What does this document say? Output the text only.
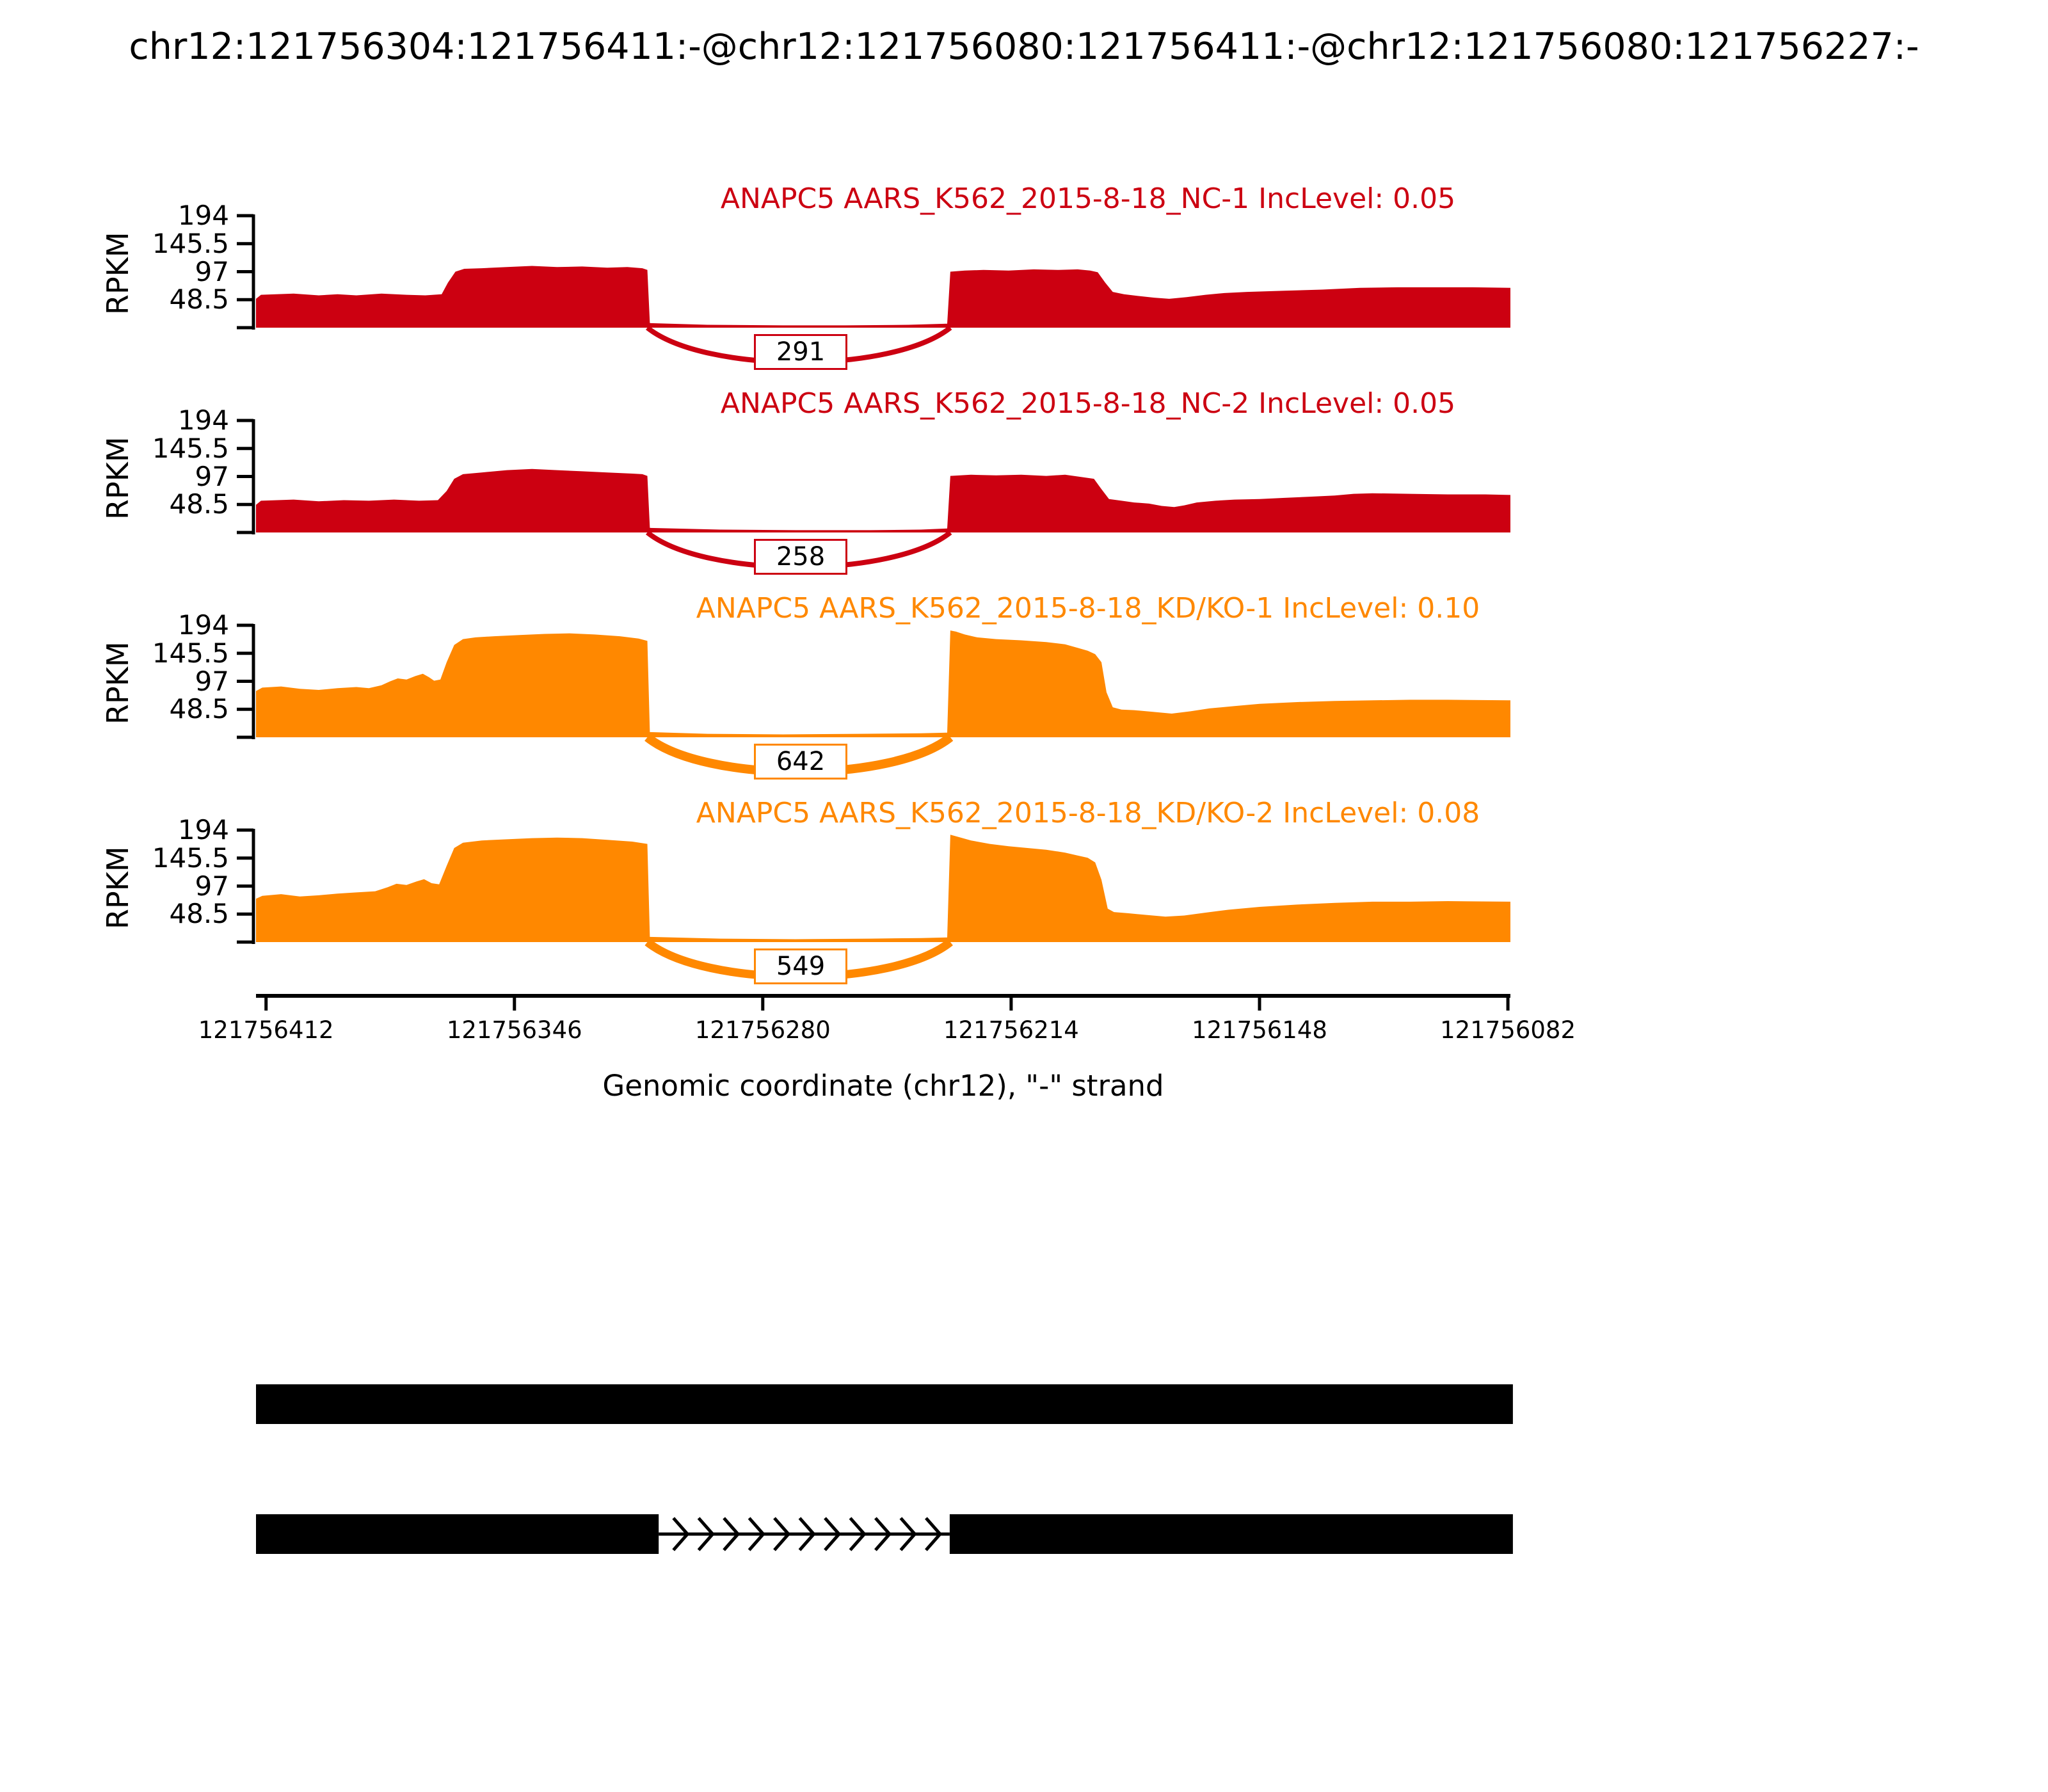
chr12:121756304:121756411:-@chr12:121756080:121756411:-@chr12:121756080:121756227:-
RPKM
194
145.5
97
48.5
ANAPC5 AARS_K562_2015-8-18_NC-1 IncLevel: 0.05
291
RPKM
194
145.5
97
48.5
ANAPC5 AARS_K562_2015-8-18_NC-2 IncLevel: 0.05
258
RPKM
194
145.5
97
48.5
ANAPC5 AARS_K562_2015-8-18_KD/KO-1 IncLevel: 0.10
642
RPKM
194
145.5
97
48.5
ANAPC5 AARS_K562_2015-8-18_KD/KO-2 IncLevel: 0.08
549
121756412	121756346	121756280	121756214	121756148	121756082
Genomic coordinate (chr12), "-" strand
